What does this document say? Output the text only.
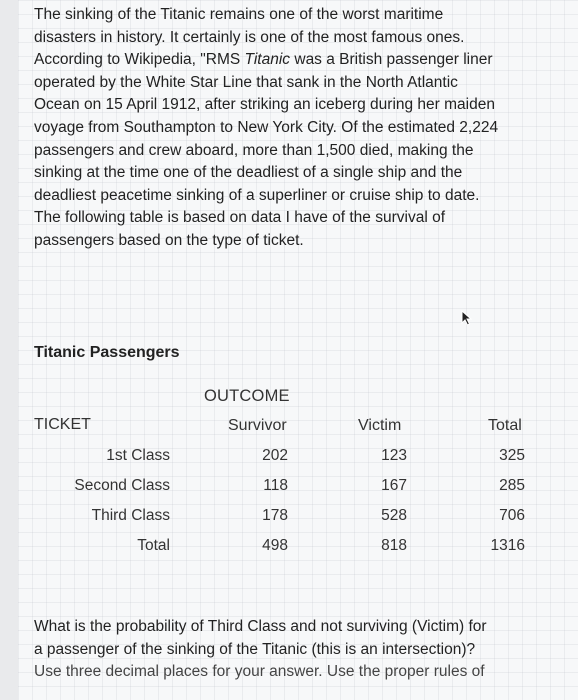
The sinking of the Titanic remains one of the worst maritime
disasters in history. It certainly is one of the most famous ones.
According to Wikipedia, "RMS Titanic was a British passenger liner
operated by the White Star Line that sank in the North Atlantic
Ocean on 15 April 1912, after striking an iceberg during her maiden
voyage from Southampton to New York City. Of the estimated 2,224
passengers and crew aboard, more than 1,500 died, making the
sinking at the time one of the deadliest of a single ship and the
deadliest peacetime sinking of a superliner or cruise ship to date.
The following table is based on data I have of the survival of
passengers based on the type of ticket.
Titanic Passengers
OUTCOME
TICKET	Survivor	Victim	Total
1st Class	202	123	325
Second Class	118	167	285
Third Class	178	528	706
Total	498	818	1316
What is the probability of Third Class and not surviving (Victim) for
a passenger of the sinking of the Titanic (this is an intersection)?
Use three decimal places for your answer. Use the proper rules of
